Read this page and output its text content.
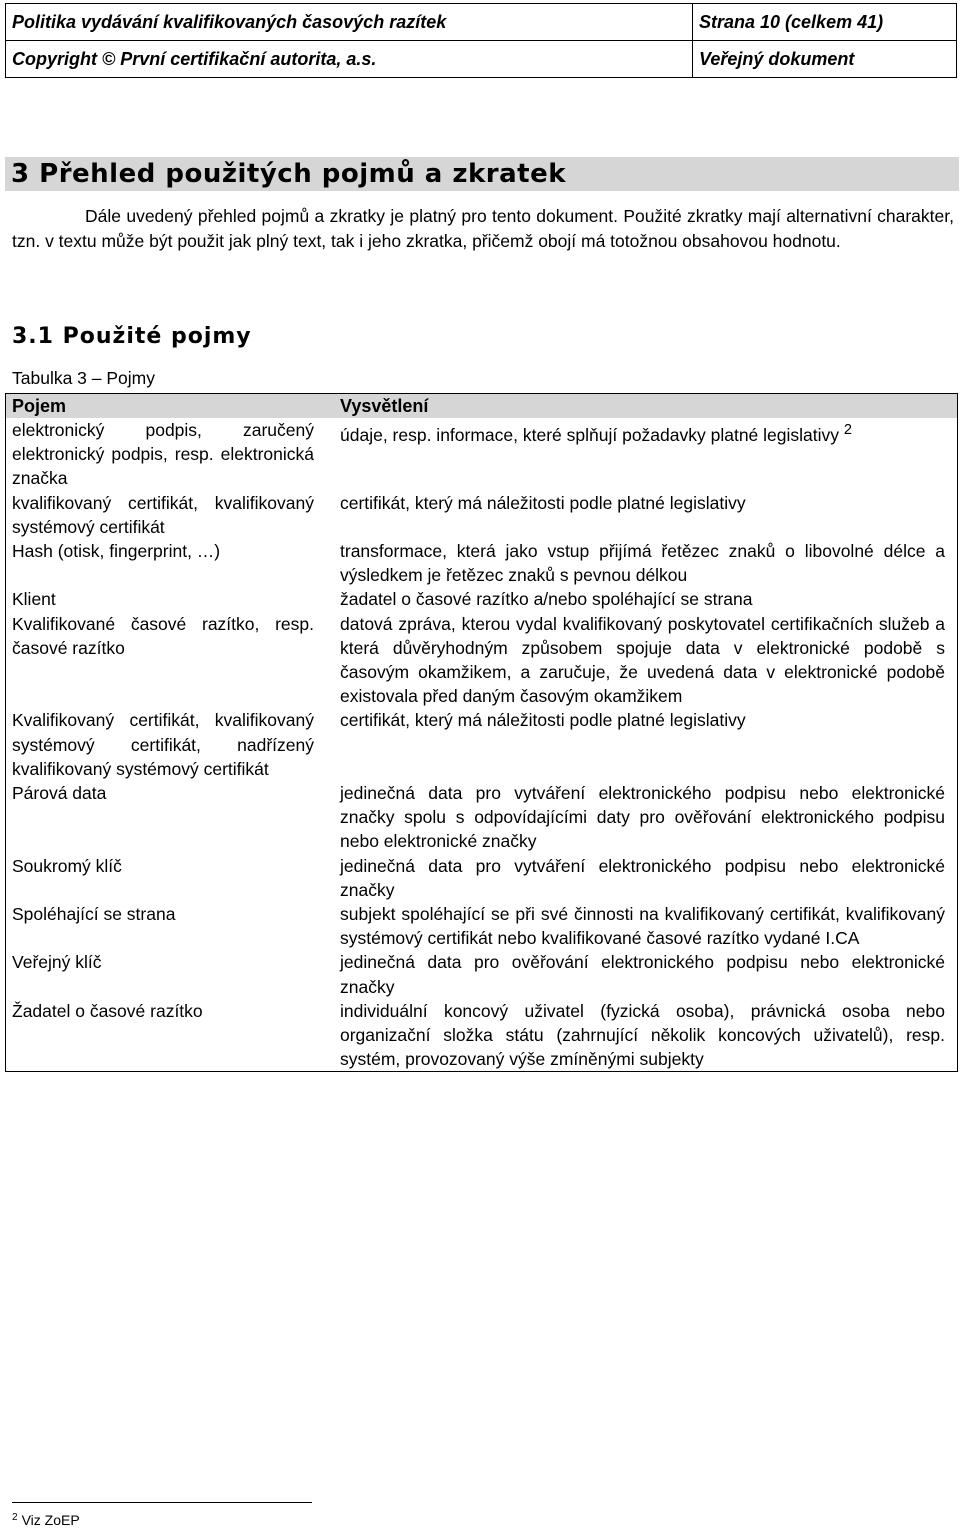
Politika vydávání kvalifikovaných časových razítek	Strana 10 (celkem 41)
Copyright © První certifikační autorita, a.s.	Veřejný dokument
3 Přehled použitých pojmů a zkratek
Dále uvedený přehled pojmů a zkratky je platný pro tento dokument. Použité zkratky mají alternativní charakter, tzn. v textu může být použit jak plný text, tak i jeho zkratka, přičemž obojí má totožnou obsahovou hodnotu.
3.1 Použité pojmy
Tabulka 3 – Pojmy
Pojem	Vysvětlení
elektronický podpis, zaručený elektronický podpis, resp. elektronická značka	údaje, resp. informace, které splňují požadavky platné legislativy $^2$
kvalifikovaný certifikát, kvalifikovaný systémový certifikát	certifikát, který má náležitosti podle platné legislativy
Hash (otisk, fingerprint, …)	transformace, která jako vstup přijímá řetězec znaků o libovolné délce a výsledkem je řetězec znaků s pevnou délkou
Klient	žadatel o časové razítko a/nebo spoléhající se strana
Kvalifikované časové razítko, resp. časové razítko	datová zpráva, kterou vydal kvalifikovaný poskytovatel certifikačních služeb a která důvěryhodným způsobem spojuje data v elektronické podobě s časovým okamžikem, a zaručuje, že uvedená data v elektronické podobě existovala před daným časovým okamžikem
Kvalifikovaný certifikát, kvalifikovaný systémový certifikát, nadřízený kvalifikovaný systémový certifikát	certifikát, který má náležitosti podle platné legislativy
Párová data	jedinečná data pro vytváření elektronického podpisu nebo elektronické značky spolu s odpovídajícími daty pro ověřování elektronického podpisu nebo elektronické značky
Soukromý klíč	jedinečná data pro vytváření elektronického podpisu nebo elektronické značky
Spoléhající se strana	subjekt spoléhající se při své činnosti na kvalifikovaný certifikát, kvalifikovaný systémový certifikát nebo kvalifikované časové razítko vydané I.CA
Veřejný klíč	jedinečná data pro ověřování elektronického podpisu nebo elektronické značky
Žadatel o časové razítko	individuální koncový uživatel (fyzická osoba), právnická osoba nebo organizační složka státu (zahrnující několik koncových uživatelů), resp. systém, provozovaný výše zmíněnými subjekty
$^2$ Viz ZoEP
